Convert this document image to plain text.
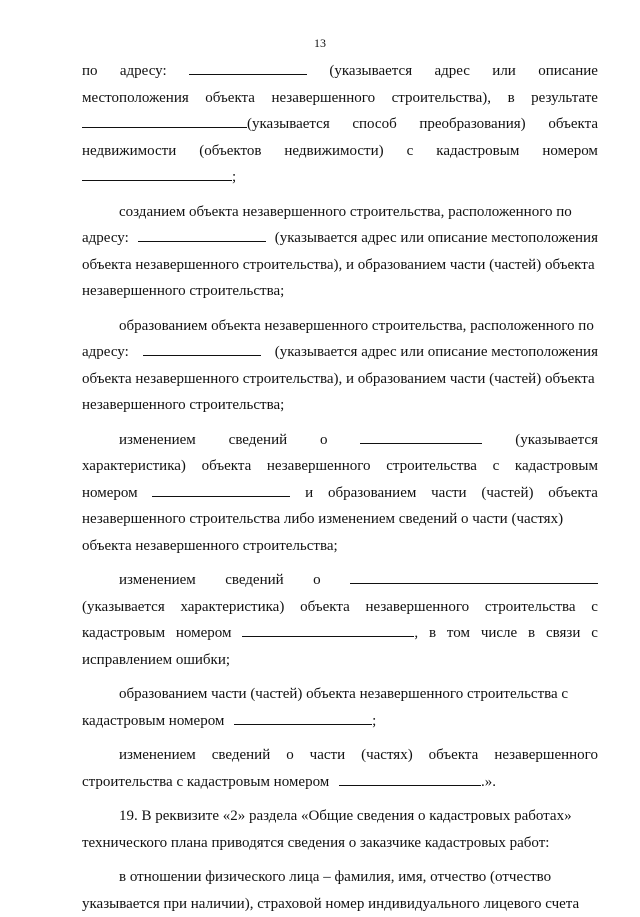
13
по адресу:	(указывается адрес или описание
местоположения объекта незавершенного строительства), в результате
(указывается способ преобразования) объекта
недвижимости (объектов недвижимости) с кадастровым номером
;
созданием объекта незавершенного строительства, расположенного по
адресу:	(указывается адрес или описание местоположения
объекта незавершенного строительства), и образованием части (частей) объекта
незавершенного строительства;
образованием объекта незавершенного строительства, расположенного по
адресу:	(указывается адрес или описание местоположения
объекта незавершенного строительства), и образованием части (частей) объекта
незавершенного строительства;
изменением сведений о	(указывается
характеристика) объекта незавершенного строительства с кадастровым
номером	и образованием части (частей) объекта
незавершенного строительства либо изменением сведений о части (частях)
объекта незавершенного строительства;
изменением сведений о
(указывается характеристика) объекта незавершенного строительства с
кадастровым номером	, в том числе в связи с
исправлением ошибки;
образованием части (частей) объекта незавершенного строительства с
кадастровым номером	;
изменением сведений о части (частях) объекта незавершенного
строительства с кадастровым номером	.».
19. В реквизите «2» раздела «Общие сведения о кадастровых работах»
технического плана приводятся сведения о заказчике кадастровых работ:
в отношении физического лица – фамилия, имя, отчество (отчество
указывается при наличии), страховой номер индивидуального лицевого счета
